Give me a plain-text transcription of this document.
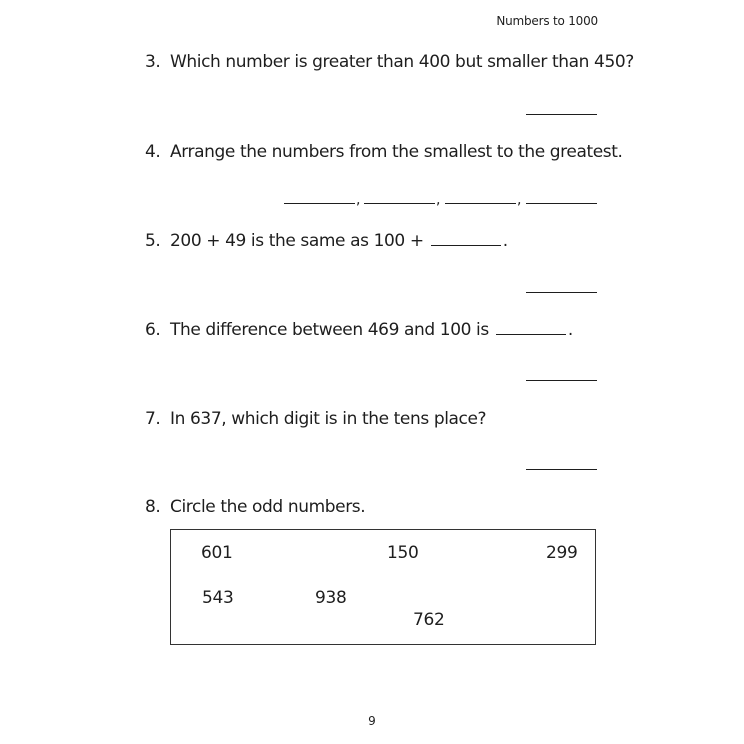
Numbers to 1000
3. Which number is greater than 400 but smaller than 450?
4. Arrange the numbers from the smallest to the greatest.
,	,	,
5. 200 + 49 is the same as 100 +	.
6. The difference between 469 and 100 is	.
7. In 637, which digit is in the tens place?
8. Circle the odd numbers.
601	150	299
543	938
762
9
